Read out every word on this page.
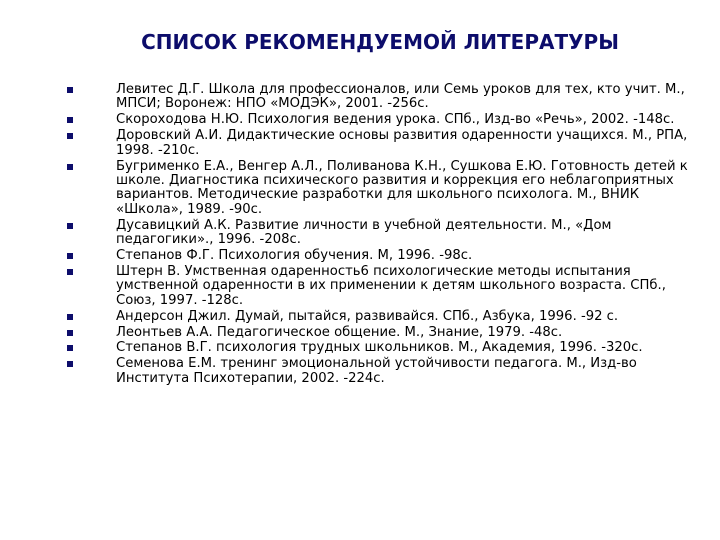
СПИСОК РЕКОМЕНДУЕМОЙ ЛИТЕРАТУРЫ
Левитес Д.Г. Школа для профессионалов, или Семь уроков для тех, кто учит. М., МПСИ; Воронеж: НПО «МОДЭК», 2001. -256с.
Скороходова Н.Ю. Психология ведения урока. СПб., Изд-во «Речь», 2002. -148с.
Доровский А.И. Дидактические основы развития одаренности учащихся. М., РПА, 1998. -210с.
Бугрименко Е.А., Венгер А.Л., Поливанова К.Н., Сушкова Е.Ю. Готовность детей к школе. Диагностика психического развития и коррекция его неблагоприятных вариантов. Методические разработки для школьного психолога. М., ВНИК «Школа», 1989. -90с.
Дусавицкий А.К. Развитие личности в учебной деятельности. М., «Дом педагогики»., 1996. -208с.
Степанов Ф.Г. Психология обучения. М, 1996. -98с.
Штерн В. Умственная одаренность6 психологические методы испытания умственной одаренности в их применении к детям школьного возраста. СПб., Союз, 1997. -128с.
Андерсон Джил. Думай, пытайся, развивайся. СПб., Азбука, 1996. -92 с.
Леонтьев А.А. Педагогическое общение. М., Знание, 1979. -48с.
Степанов В.Г. психология трудных школьников. М., Академия, 1996. -320с.
Семенова Е.М. тренинг эмоциональной устойчивости педагога. М., Изд-во Института Психотерапии, 2002. -224с.
